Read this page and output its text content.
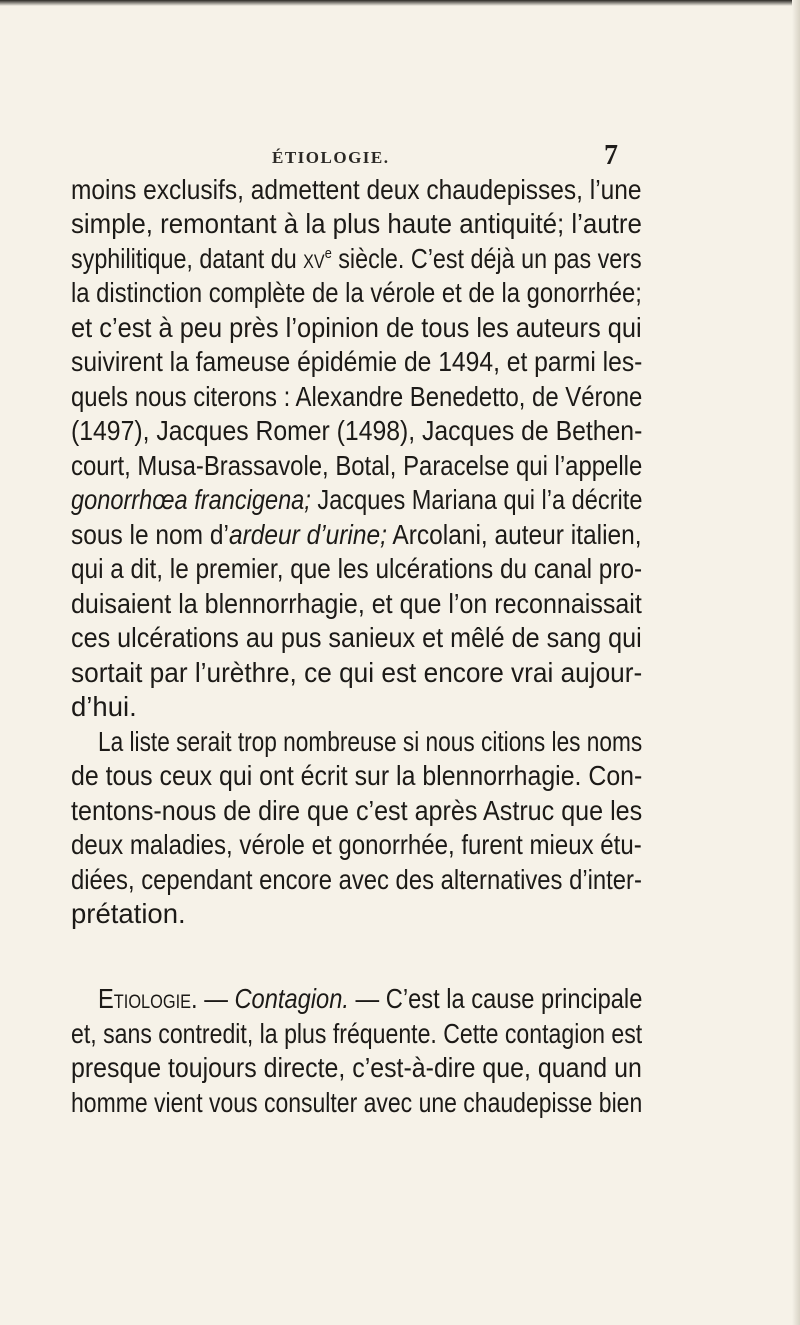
ÉTIOLOGIE.	7
moins exclusifs, admettent deux chaudepisses, l’une
simple, remontant à la plus haute antiquité; l’autre
syphilitique, datant du $xv^e$ siècle. C’est déjà un pas vers
la distinction complète de la vérole et de la gonorrhée;
et c’est à peu près l’opinion de tous les auteurs qui
suivirent la fameuse épidémie de 1494, et parmi les-
quels nous citerons : Alexandre Benedetto, de Vérone
(1497), Jacques Romer (1498), Jacques de Bethen-
court, Musa-Brassavole, Botal, Paracelse qui l’appelle
gonorrhœa francigena; Jacques Mariana qui l’a décrite
sous le nom d’ardeur d’urine; Arcolani, auteur italien,
qui a dit, le premier, que les ulcérations du canal pro-
duisaient la blennorrhagie, et que l’on reconnaissait
ces ulcérations au pus sanieux et mêlé de sang qui
sortait par l’urèthre, ce qui est encore vrai aujour-
d’hui.
La liste serait trop nombreuse si nous citions les noms
de tous ceux qui ont écrit sur la blennorrhagie. Con-
tentons-nous de dire que c’est après Astruc que les
deux maladies, vérole et gonorrhée, furent mieux étu-
diées, cependant encore avec des alternatives d’inter-
prétation.
Etiologie. — Contagion. — C’est la cause principale
et, sans contredit, la plus fréquente. Cette contagion est
presque toujours directe, c’est-à-dire que, quand un
homme vient vous consulter avec une chaudepisse bien
